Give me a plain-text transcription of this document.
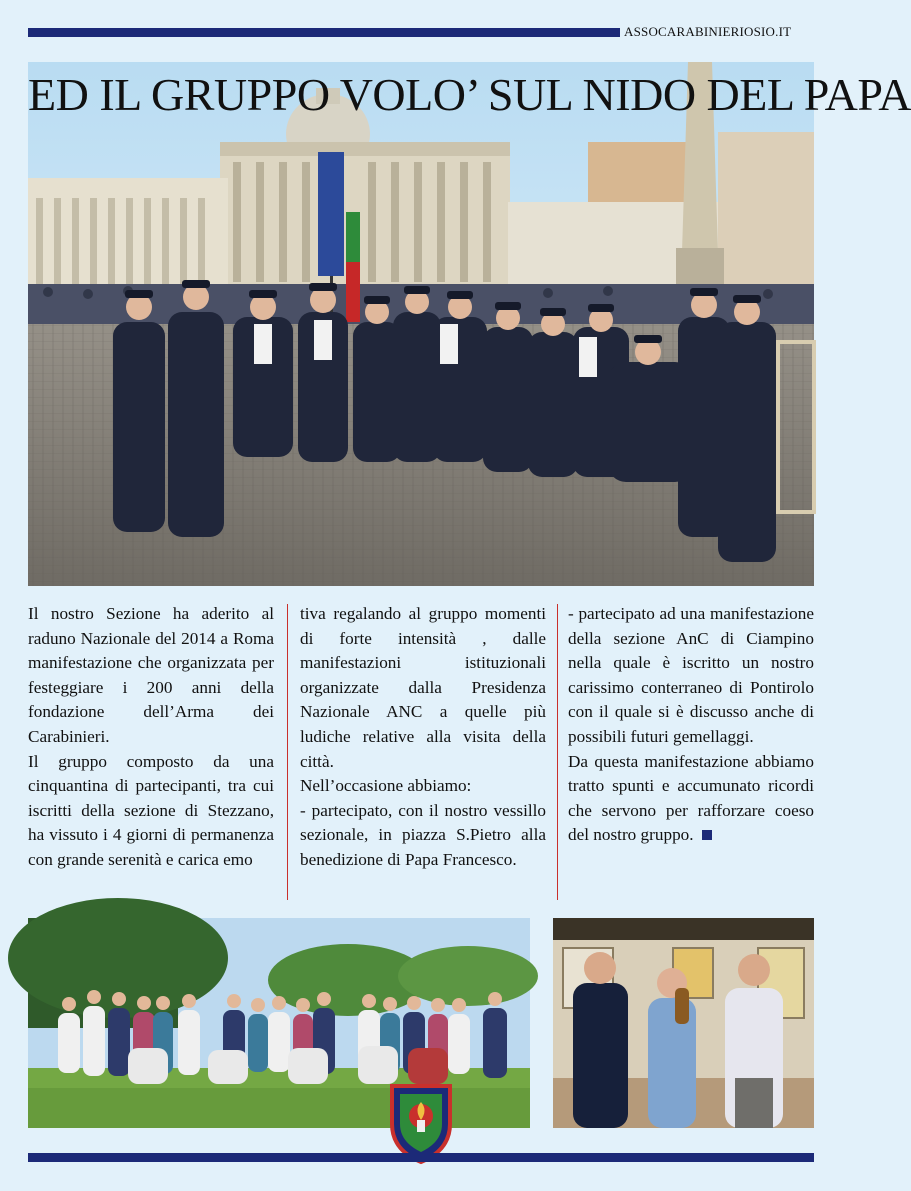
ASSOCARABINIERIOSIO.IT
ED IL GRUPPO VOLO’ SUL NIDO DEL PAPA

Il nostro Sezione ha aderito al raduno Nazionale del 2014 a Roma manifestazione che organizzata per festeggiare i 200 anni della fondazione dell’Arma dei Carabinieri.

Il gruppo composto da una cinquantina di partecipanti, tra cui iscritti della sezione di Stezzano, ha vissuto i 4 giorni di permanenza con grande serenità e carica emo

tiva regalando al gruppo momenti di forte intensità , dalle manifestazioni istituzionali organizzate dalla Presidenza Nazionale ANC a quelle più ludiche relative alla visita della città.

Nell’occasione abbiamo:

- partecipato, con il nostro vessillo sezionale, in piazza S.Pietro alla benedizione di Papa Francesco.

- partecipato ad una manifestazione della sezione AnC di Ciampino nella quale è iscritto un nostro carissimo conterraneo di Pontirolo con il quale si è discusso anche di possibili futuri gemellaggi.

Da questa manifestazione abbiamo tratto spunti e accumunato ricordi che servono per rafforzare coeso del nostro gruppo.
